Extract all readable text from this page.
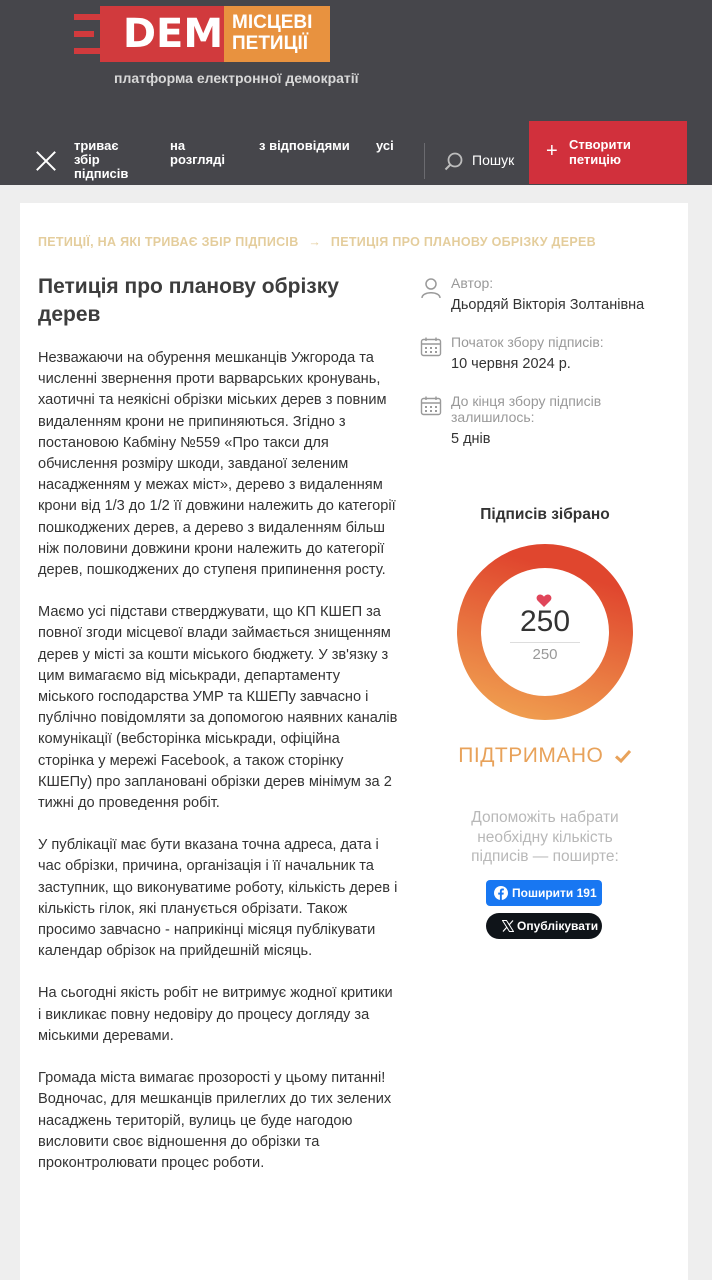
DEM МІСЦЕВІ
ПЕТИЦІЇ
платформа електронної демократії
триває збір підписів
на розгляді
з відповідями	усі
Пошук + Створити петицію
ПЕТИЦІЇ, НА ЯКІ ТРИВАЄ ЗБІР ПІДПИСІВ → ПЕТИЦІЯ ПРО ПЛАНОВУ ОБРІЗКУ ДЕРЕВ
Петиція про планову обрізку дерев

Незважаючи на обурення мешканців Ужгорода та численні звернення проти варварських кронувань, хаотичні та неякісні обрізки міських дерев з повним видаленням крони не припиняються. Згідно з постановою Кабміну №559 «Про такси для обчислення розміру шкоди, завданої зеленим насадженням у межах міст», дерево з видаленням крони від 1/3 до 1/2 її довжини належить до категорії пошкоджених дерев, а дерево з видаленням більш ніж половини довжини крони належить до категорії дерев, пошкоджених до ступеня припинення росту.

Маємо усі підстави стверджувати, що КП КШЕП за повної згоди місцевої влади займається знищенням дерев у місті за кошти міського бюджету. У зв'язку з цим вимагаємо від міськради, департаменту міського господарства УМР та КШЕПу завчасно і публічно повідомляти за допомогою наявних каналів комунікації (вебсторінка міськради, офіційна сторінка у мережі Facebook, а також сторінку КШЕПу) про заплановані обрізки дерев мінімум за 2 тижні до проведення робіт.

У публікації має бути вказана точна адреса, дата і час обрізки, причина, організація і її начальник та заступник, що виконуватиме роботу, кількість дерев і кількість гілок, які планується обрізати. Також просимо завчасно - наприкінці місяця публікувати календар обрізок на прийдешній місяць.

На сьогодні якість робіт не витримує жодної критики і викликає повну недовіру до процесу догляду за міськими деревами.

Громада міста вимагає прозорості у цьому питанні! Водночас, для мешканців прилеглих до тих зелених насаджень територій, вулиць це буде нагодою висловити своє відношення до обрізки та проконтролювати процес роботи.

Автор:
Дьордяй Вікторія Золтанівна
Початок збору підписів:
10 червня 2024 р.
До кінця збору підписів залишилось:
5 днів
Підписів зібрано
250
250
ПІДТРИМАНО
Допоможіть набрати необхідну кількість підписів — поширте:
Поширити 191
Опублікувати
